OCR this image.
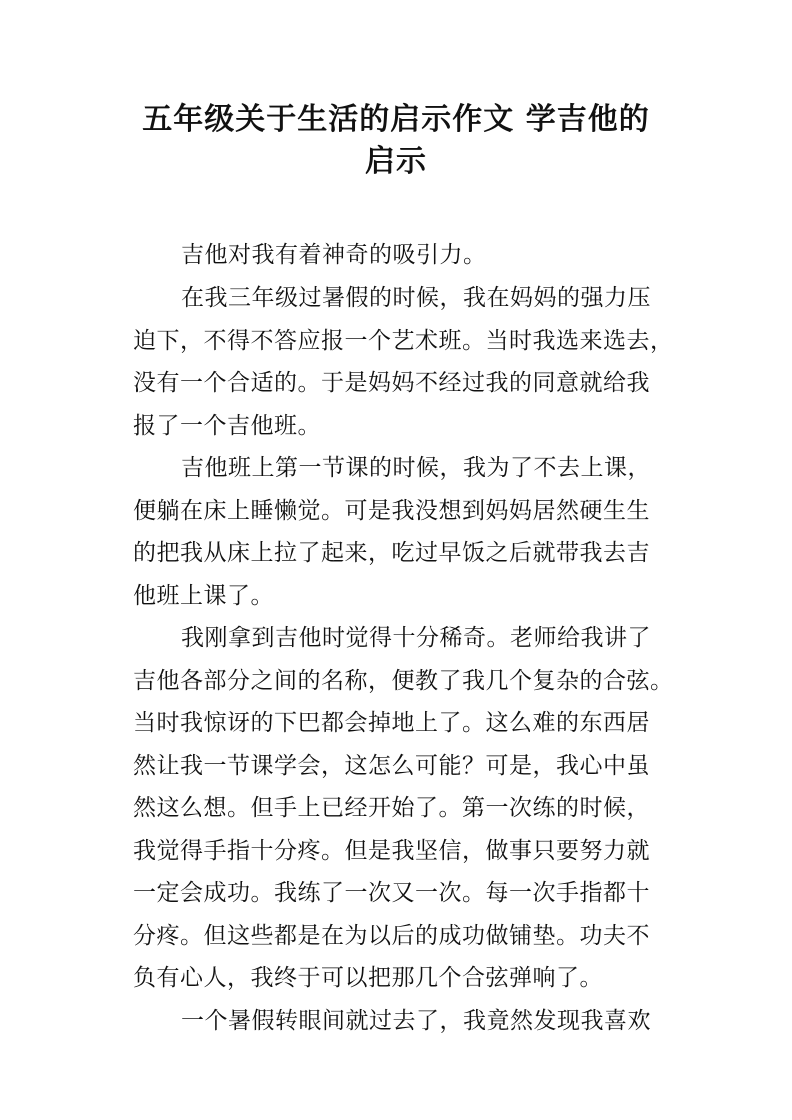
五年级关于生活的启示作文 学吉他的
启示
吉他对我有着神奇的吸引力。
在我三年级过暑假的时候，我在妈妈的强力压
迫下，不得不答应报一个艺术班。当时我选来选去，
没有一个合适的。于是妈妈不经过我的同意就给我
报了一个吉他班。
吉他班上第一节课的时候，我为了不去上课，
便躺在床上睡懒觉。可是我没想到妈妈居然硬生生
的把我从床上拉了起来，吃过早饭之后就带我去吉
他班上课了。
我刚拿到吉他时觉得十分稀奇。老师给我讲了
吉他各部分之间的名称，便教了我几个复杂的合弦。
当时我惊讶的下巴都会掉地上了。这么难的东西居
然让我一节课学会，这怎么可能？可是，我心中虽
然这么想。但手上已经开始了。第一次练的时候，
我觉得手指十分疼。但是我坚信，做事只要努力就
一定会成功。我练了一次又一次。每一次手指都十
分疼。但这些都是在为以后的成功做铺垫。功夫不
负有心人，我终于可以把那几个合弦弹响了。
一个暑假转眼间就过去了，我竟然发现我喜欢
